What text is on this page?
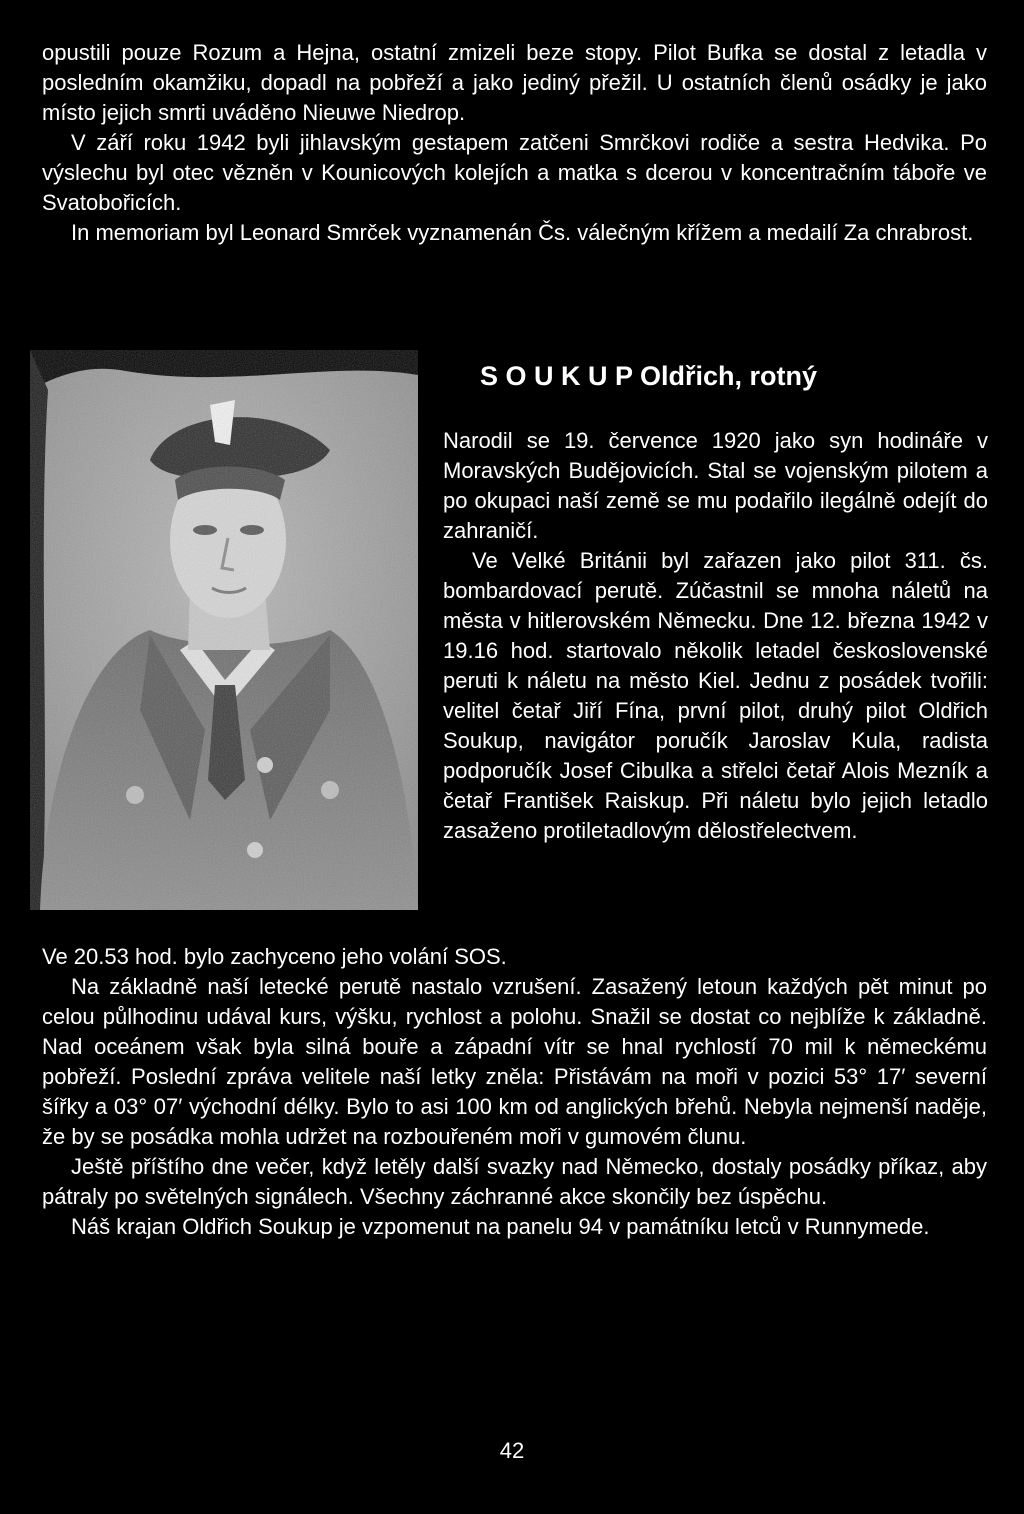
opustili pouze Rozum a Hejna, ostatní zmizeli beze stopy. Pilot Bufka se dostal z letadla v posledním okamžiku, dopadl na pobřeží a jako jediný přežil. U ostatních členů osádky je jako místo jejich smrti uváděno Nieuwe Niedrop.

V září roku 1942 byli jihlavským gestapem zatčeni Smrčkovi rodiče a sestra Hedvika. Po výslechu byl otec vězněn v Kounicových kolejích a matka s dcerou v koncentračním táboře ve Svatobořicích.

In memoriam byl Leonard Smrček vyznamenán Čs. válečným křížem a medailí Za chrabrost.

S O U K U P Oldřich, rotný

Narodil se 19. července 1920 jako syn hodináře v Moravských Budějovicích. Stal se vojenským pilotem a po okupaci naší země se mu podařilo ilegálně odejít do zahraničí.

Ve Velké Británii byl zařazen jako pilot 311. čs. bombardovací perutě. Zúčastnil se mnoha náletů na města v hitlerovském Německu. Dne 12. března 1942 v 19.16 hod. startovalo několik letadel československé peruti k náletu na město Kiel. Jednu z posádek tvořili: velitel četař Jiří Fína, první pilot, druhý pilot Oldřich Soukup, navigátor poručík Jaroslav Kula, radista podporučík Josef Cibulka a střelci četař Alois Mezník a četař František Raiskup. Při náletu bylo jejich letadlo zasaženo protiletadlovým dělostřelectvem.

Ve 20.53 hod. bylo zachyceno jeho volání SOS.

Na základně naší letecké perutě nastalo vzrušení. Zasažený letoun každých pět minut po celou půlhodinu udával kurs, výšku, rychlost a polohu. Snažil se dostat co nejblíže k základně. Nad oceánem však byla silná bouře a západní vítr se hnal rychlostí 70 mil k německému pobřeží. Poslední zpráva velitele naší letky zněla: Přistávám na moři v pozici 53° 17′ severní šířky a 03° 07′ východní délky. Bylo to asi 100 km od anglických břehů. Nebyla nejmenší naděje, že by se posádka mohla udržet na rozbouřeném moři v gumovém člunu.

Ještě příštího dne večer, když letěly další svazky nad Německo, dostaly posádky příkaz, aby pátraly po světelných signálech. Všechny záchranné akce skončily bez úspěchu.

Náš krajan Oldřich Soukup je vzpomenut na panelu 94 v památníku letců v Runnymede.

42
